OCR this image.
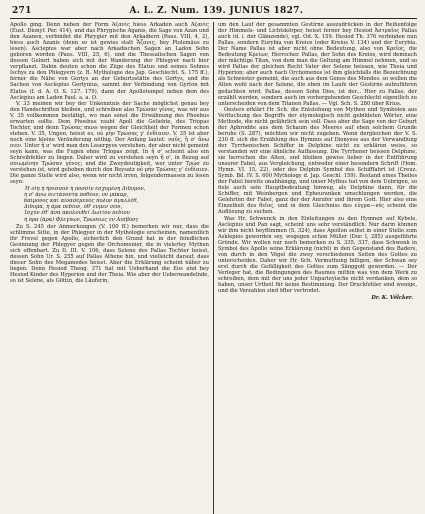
271	A. L. Z. Num. 139. JUNIUS 1827.

Apollo ging. Denn neben der Form Ἀζανίς hiess Arkaden auch Ἀζανις (Eust. Dionyf. Per. 414), und das Phrygische Aganis, die Sage von Azan und den Azanen, verbindet die Phrygier mit den Arkadiern (Paus. VIII, 4, 2), hiess auch Azanis (denn so ist gewiss statt Ἄζανις, bey Ptolemäus zu lesen). Asclepius war aber nach Arkadischen Sagen an Ladon Sohn geboren worden (Paus. VIII, 25, 6), und die Thessalischen Sagen von dessen Geburt haben sich mit der Wanderung der Phlegyer nach hier verpflanzt. Dahin deuten schon die Züge des Elatus und seines Sohnes Ischys zu den Phlegyern (z. B. Mythologie des Jap. Geschlecht. S. 175 ff.), ferner die Nähe von Gortys an der Geburtsstätte des Gortys, und die Sachen von Asclepius Gortynius, sammt der Verbindung von Gyrton mit Elatus (f. d. A. O. S. 127. 179), dann der Apollotempel neben dem des Asclepius am Ladon Paul. a. a. O.

V. 33 meinen wir bey der Unkenntnis der Sache möglichst genau bey den Handschriften bleiben, und schreiben also Τρώσαν γένος, was wir aus V. 35 vollkommen bestätigt, wo man sonst die Erwähnung des Phoebus erwarten sollte. Dem Phoebus raubt Apoll die Geliebte, des Triopas Tochter, und denn Τρώσας muss wegen der Gleichheit der Formen schon stehen. V. 35, Ungen, heisst es, οὐ μὴν Τρώσας γ' ἐνδίαιεν. V. 35 ist aber noch eine kleine Veränderung nöthig. Der Anfang lautet: ναῦς, ἢ σ' ἄνω οιεν. Unter ἢ σ' wird man den Leserpyos verstehen, der aber nicht gemeint seyn kann, was die Fugen ohne Triopas zeigt. In ἢ σ' scheint also ein Schreibfehler zu liegen. Daher wird zu verstehen seyn ἢ σ', in Bezug auf σοιωμένην Τρώσαν γένος; und die Zweydeutigkeit, wer unter Τρώσ zu verstehen ist, wird gehoben durch den Beysatz οὐ μὴν Τρώσας γ' ἐνδίαιεν. Die ganze Stelle wird also, wenn wir nicht irren, folgendermassen zu lesen seyn:

Ἦ οἵη ἢ ἤνεσσον ἡ ποσσὶν ἐσχομένη Δίδυμον,
ἢ σ' ἄνω ὀιετάνοντα ποθέον, οὐ μάκαρ,
δαίμονος καὶ αἰνασέμενος πολυν ἀγαλλέθ,
Δίδυμα, ἢ ἄρα πεδίον, ὅθ' ἐνμεν νέοι,
Ἰσχὺν ἔθ' ἄνα ἀκολουθεῖ Δωτίου πεδίου
ἢ ὅρα (ἄρα) Φλεγύων, Τρώσεως ἐν Αἰσβύσς

Zu S. 245 der Anmerkungen (V. 100 ff.) bemerken wir nur, dass die schlimme Sitte, in der Phlegyer in der Mythologie erscheinen, namentlich ihr Frevel gegen Apollo, sicherlich den Grund hat in der feindlichen Gesinnung der Phlegyer gegen die Orchomenier, die in vielerley Mythen sich offenbart. Zu Il. III. V. 106, dass Selene des Pallas Tochter heisst, dessen Sohn Ur. S. 255 auf Pallas Athene hin, und vielleicht darauf, dass dieser Sohn des Megamedes heisst. Aber die Erklärung scheint näher zu liegen. Denn Hesiod Theog. 371 hat mit Ueberhand die Eos und bey Hesiod Kinder des Hyperion und der Theia. Wie aber der Ueberwandelnde, so ist Selene, als Göttin, die Läuferin,

um den Lauf der gesammten Gestirne auszudrücken in der Reihenfolge der Himmels- und Lichtskörper, heisst ferner bey Hesiod Ἀστραῖος Pallas auch (d. i. der Glänzende), vgl. Od. X. 159. Hesiod Th. 376 verbinden nun Pallas, sondern Eurybia von Kreios (oder Kreius V. 134) und der Eurybia. Der Name Pallas ist aber nicht ohne Bedeutung, also von Κρεῖος, die Bedeutung Κρείων, Herrscher. Pallas, der Sohn des Kreios, wird demnach der mächtige Titan, von dem man die Geltung am Himmel nehmen, und so wird Pallas der gleichen Recht Vater der Selene heissen, wie Theia und Hyperion; aber auch nach Orchomenos ist ihm gleichfalls die Bezeichnung als Schwester gemeint, die auch aus dem Genos des Mondes. so wollen die Alten wohl nach der Selene, die eben im Laufe der Gestirne aufzuführen gedachten wird. Pallas, dessen Sohn Dios, ist der... Hier zu Pallas, der erzählt werden, sondern auch im vorhergehenden Geschlecht eigentlich zu unterscheiden von dem Titanen Pallas. — Vgl. Sch. S. 280 über Krius.

Oesters erklärt Hr. Sch. die Entstehung von Mythen und Symbolen aus Verfluchung des Begriffs der etymologisch nicht gebildeten Wörter, eine Methode, die nicht gefährlich sein soll. Dass aber die Sage von der Geburt der Aphrodite aus dem Schaum des Meeres auf eben solchem Grunde beruhe (S. 287), möchten wir nicht zugeben. Wenn dergleichen der V. S. 230 ff. sich die Erzählung des Hymnus auf Dionysos aus der Verwandlung der Tyrrhenischen Schiffer in Delphine nicht zu erklären weiss, so verstanden wir eine ähnliche Auffassung. Die Tyrrhener heissen Delphine, sie herrschen die Alten, und bleiben gewiss lieber in der Entführung unserer Fabel, aus Vergleichung, entweder einer besondern Schrift (Hom. Hymn. VI. 15, 22), oder des Delphin Symbol des Schifffahrt ist (Creuz. Symb. Bd. IV. S. 600 Mythology d. Jap. Geschl. 159). Bestand eines Theiles der Fabel bereits unabhängig, und unser Mythus hat von dem Uebrigen, so fiele auch sein Hauptbedeutung hinweg, als Delphine dann, für die Schiffer, mit Weinbergen und Epheuranken umschlungen werden, die Gelehrten der Fabel, ganz der der Anrufer und ihrem Gott. Hier also eine Einzelheit des θεῖος, und in dem Gleichniss des εὐγρα—νές scheint die Auflösung zu suchen.

Was Hr. Schwenck in den Einleitungen zu den Hymnen auf Kybele, Asclepius und Pan sagt, scheint uns sehr verständlich. Nur darin können wir ihm nicht beyftimmen (S. 324), dass Apollon selbst in einer Stelle zum Asklepios geworden sey, wogegen schon Müller (Dor. I, 285) ausgeführte Gründe. Wir wollen nur noch bemerken zu S. 335, 337, dass Schwenk in Symbol des Apollo seine Erklärung (nicht) in den Gegenstand des Baders, von durch in den Vögel die zwey verschiedenen Seiten des Gottes zu unterscheiden. Daher wir Hr. Sch. Vermuthung billigen, der Schwan sey erst durch die Gefälligkeit des Gottes zum Sänggott geworden. — Der Verleger hat, die Bedingungen des Raumes mithin was von dem Werk zu schreiben, dem mit der uns jeder Unparteyische nicht verdanken, dem so haben, unser Urtheil für keine Bestimmung. Der Druckfehler sind wenige, und die Verzahlen sind öfter vertrodet.

Dr. K. Völcker.
